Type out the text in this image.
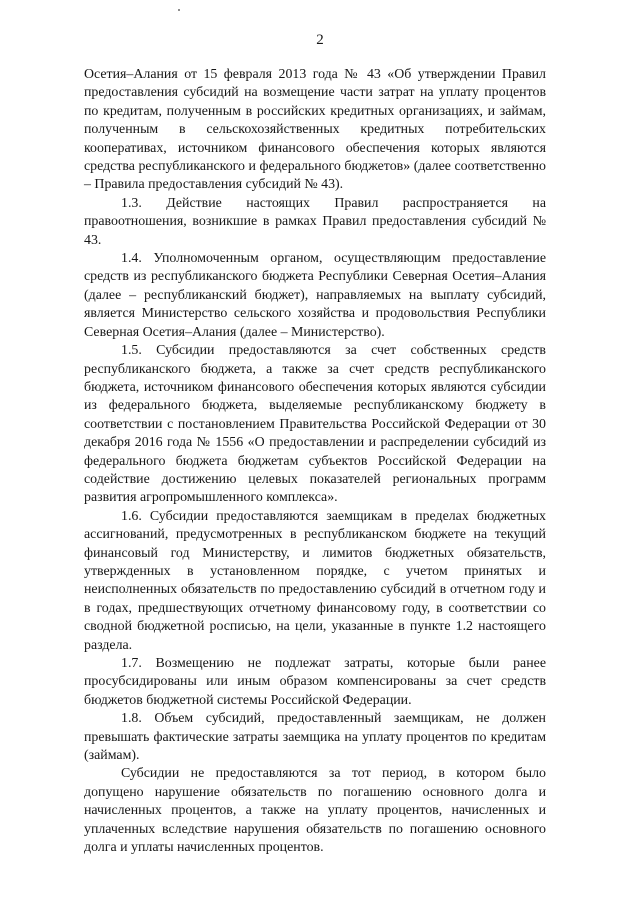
2

Осетия–Алания от 15 февраля 2013 года № 43 «Об утверждении Правил предоставления субсидий на возмещение части затрат на уплату процентов по кредитам, полученным в российских кредитных организациях, и займам, полученным в сельскохозяйственных кредитных потребительских кооперативах, источником финансового обеспечения которых являются средства республиканского и федерального бюджетов» (далее соответственно – Правила предоставления субсидий № 43).

1.3. Действие настоящих Правил распространяется на правоотношения, возникшие в рамках Правил предоставления субсидий № 43.

1.4. Уполномоченным органом, осуществляющим предоставление средств из республиканского бюджета Республики Северная Осетия–Алания (далее – республиканский бюджет), направляемых на выплату субсидий, является Министерство сельского хозяйства и продовольствия Республики Северная Осетия–Алания (далее – Министерство).

1.5. Субсидии предоставляются за счет собственных средств республиканского бюджета, а также за счет средств республиканского бюджета, источником финансового обеспечения которых являются субсидии из федерального бюджета, выделяемые республиканскому бюджету в соответствии с постановлением Правительства Российской Федерации от 30 декабря 2016 года № 1556 «О предоставлении и распределении субсидий из федерального бюджета бюджетам субъектов Российской Федерации на содействие достижению целевых показателей региональных программ развития агропромышленного комплекса».

1.6. Субсидии предоставляются заемщикам в пределах бюджетных ассигнований, предусмотренных в республиканском бюджете на текущий финансовый год Министерству, и лимитов бюджетных обязательств, утвержденных в установленном порядке, с учетом принятых и неисполненных обязательств по предоставлению субсидий в отчетном году и в годах, предшествующих отчетному финансовому году, в соответствии со сводной бюджетной росписью, на цели, указанные в пункте 1.2 настоящего раздела.

1.7. Возмещению не подлежат затраты, которые были ранее просубсидированы или иным образом компенсированы за счет средств бюджетов бюджетной системы Российской Федерации.

1.8. Объем субсидий, предоставленный заемщикам, не должен превышать фактические затраты заемщика на уплату процентов по кредитам (займам).

Субсидии не предоставляются за тот период, в котором было допущено нарушение обязательств по погашению основного долга и начисленных процентов, а также на уплату процентов, начисленных и уплаченных вследствие нарушения обязательств по погашению основного долга и уплаты начисленных процентов.
